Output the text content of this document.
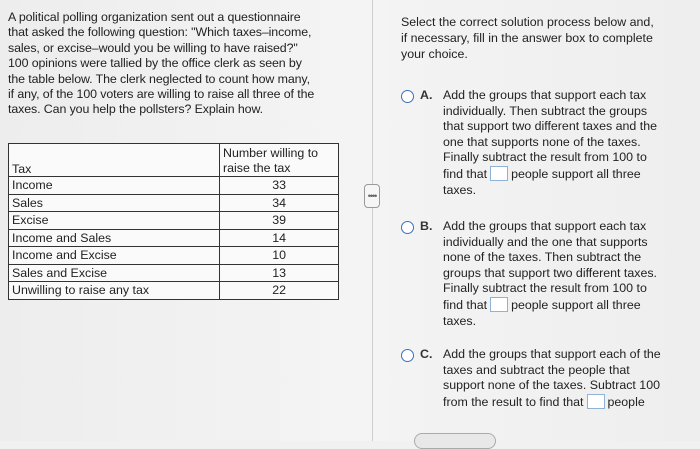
A political polling organization sent out a questionnaire
that asked the following question: "Which taxes–income,
sales, or excise–would you be willing to have raised?"
100 opinions were tallied by the office clerk as seen by
the table below. The clerk neglected to count how many,
if any, of the 100 voters are willing to raise all three of the
taxes. Can you help the pollsters? Explain how.

Tax	Number willing to
raise the tax
Income	33
Sales	34
Excise	39
Income and Sales	14
Income and Excise	10
Sales and Excise	13
Unwilling to raise any tax	22
••••

Select the correct solution process below and,
if necessary, fill in the answer box to complete
your choice.

A. Add the groups that support each tax
individually. Then subtract the groups
that support two different taxes and the
one that supports none of the taxes.
Finally subtract the result from 100 to
find that people support all three
taxes.
B. Add the groups that support each tax
individually and the one that supports
none of the taxes. Then subtract the
groups that support two different taxes.
Finally subtract the result from 100 to
find that people support all three
taxes.
C. Add the groups that support each of the
taxes and subtract the people that
support none of the taxes. Subtract 100
from the result to find that people
